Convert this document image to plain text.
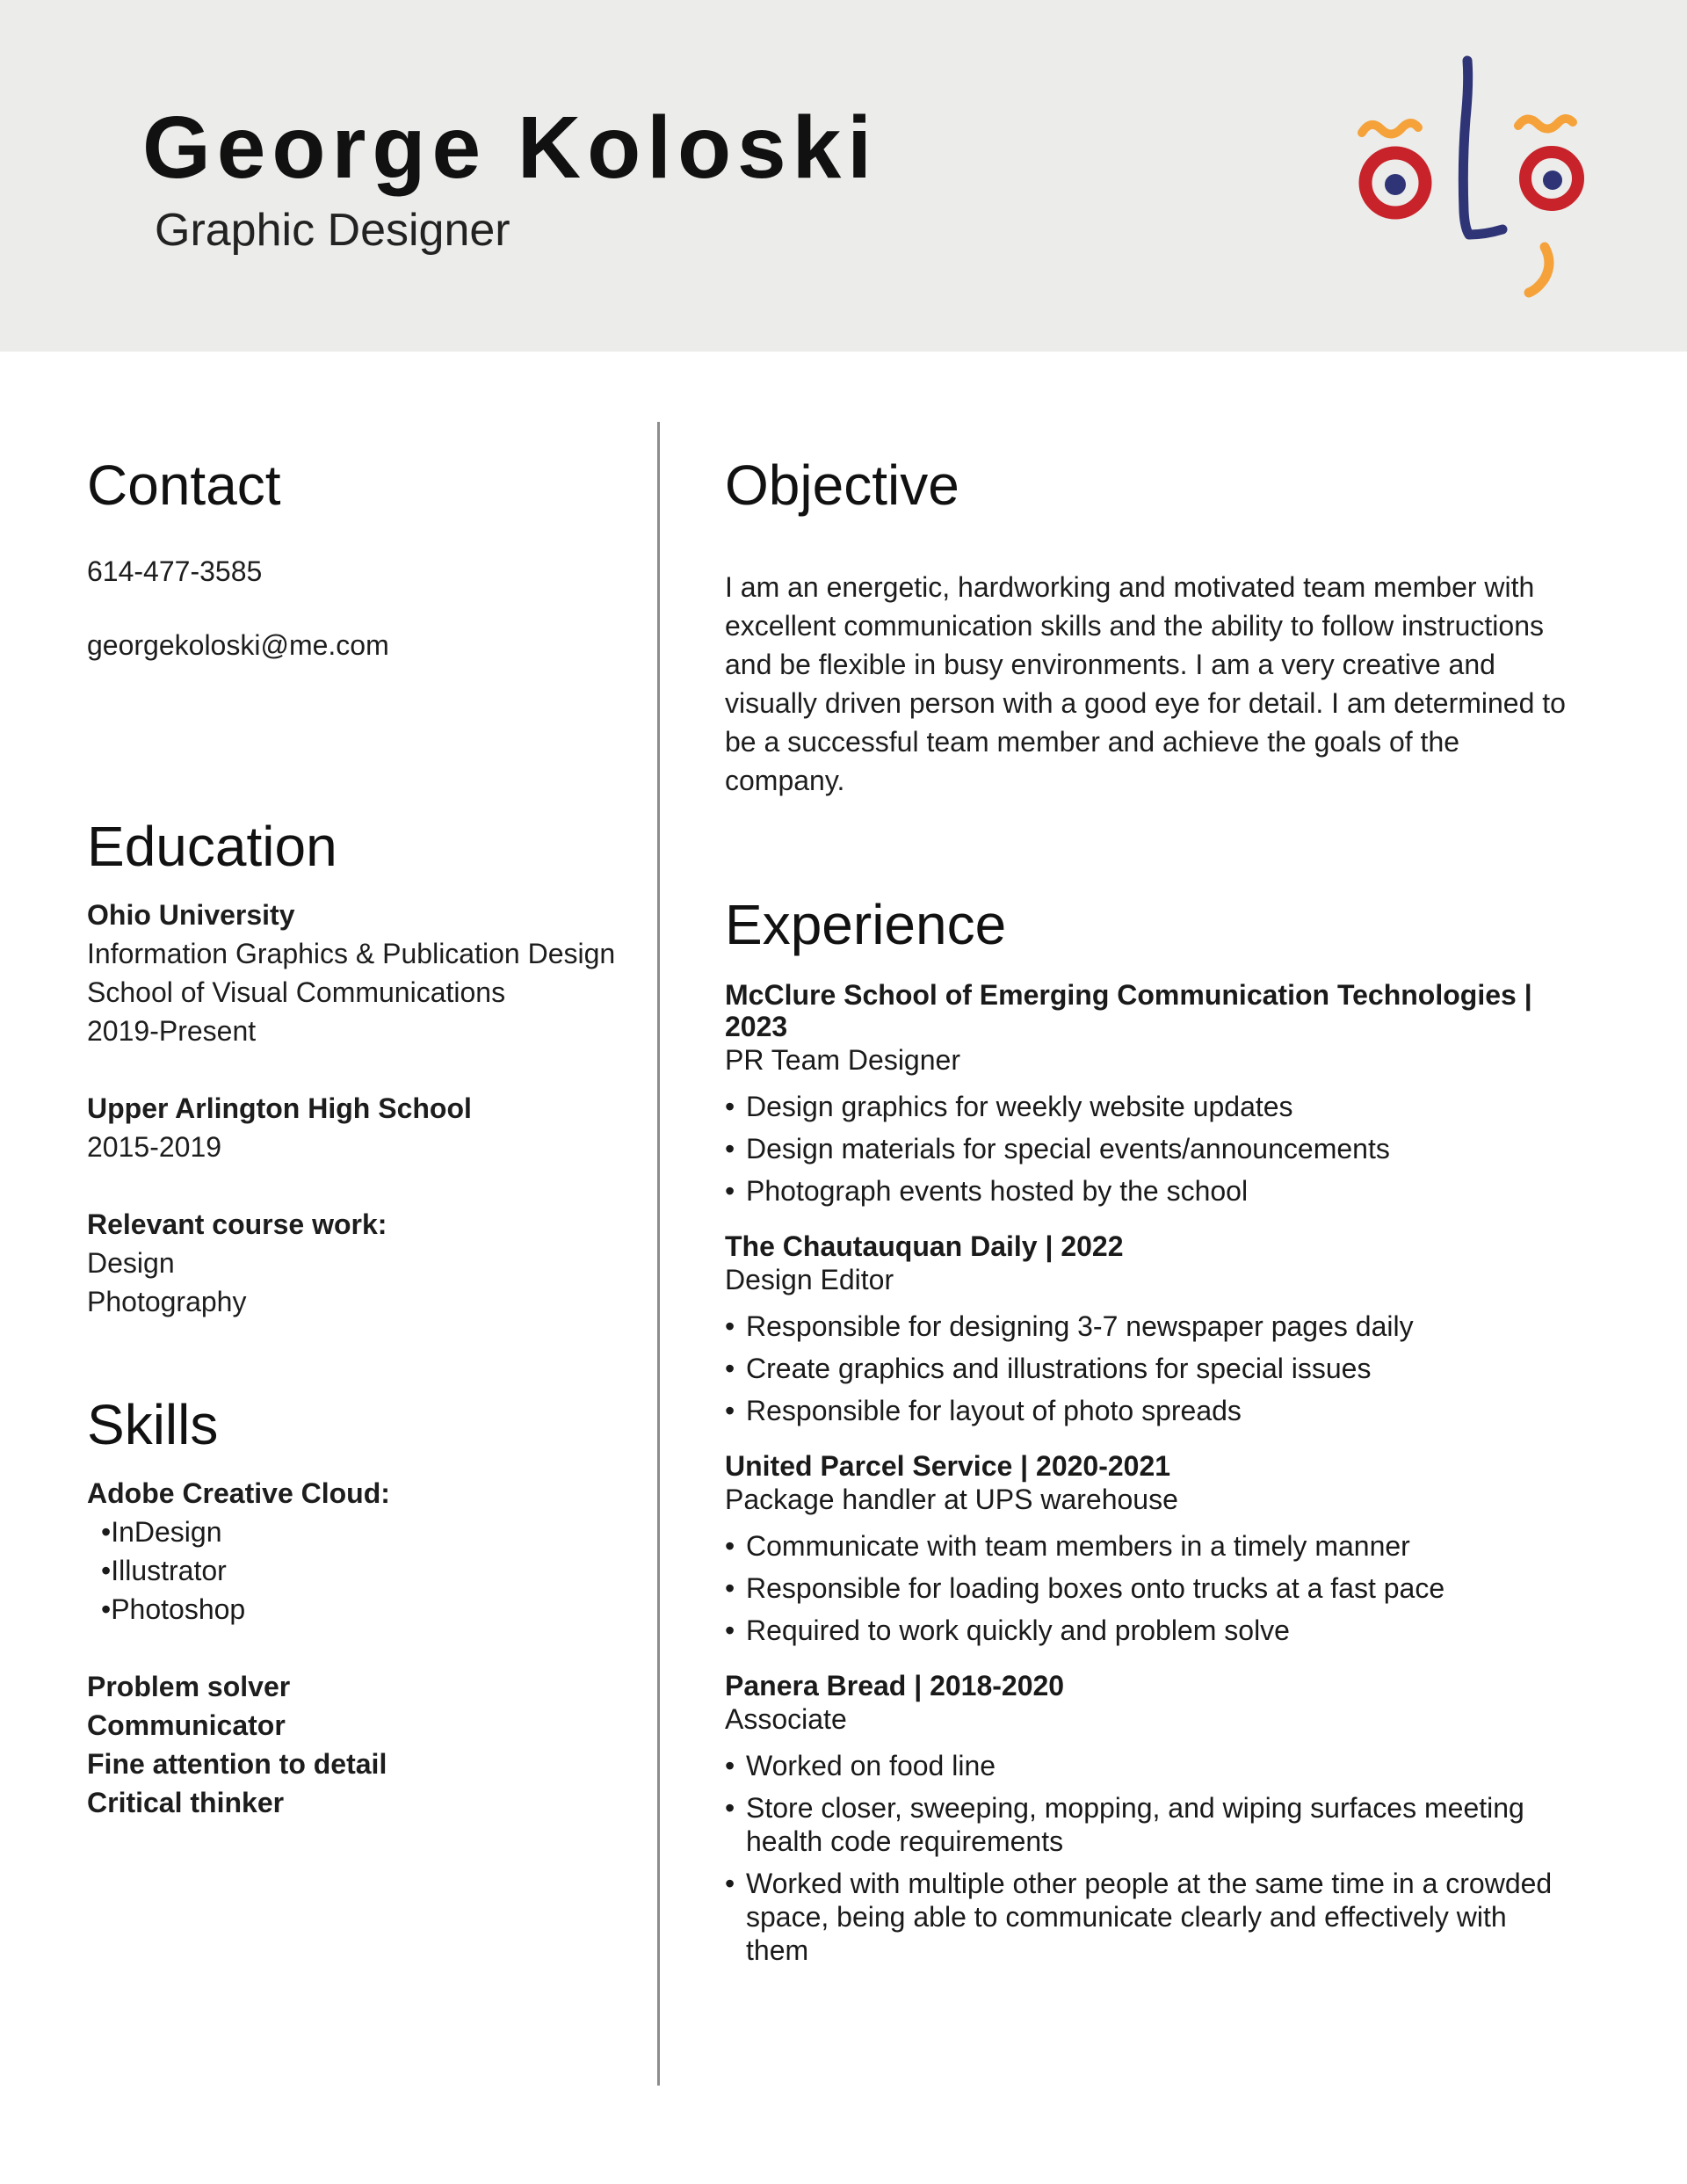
George Koloski
Graphic Designer
Contact
614-477-3585
georgekoloski@me.com
Education
Ohio University
Information Graphics & Publication Design
School of Visual Communications
2019-Present
Upper Arlington High School
2015-2019
Relevant course work:
Design
Photography
Skills
Adobe Creative Cloud:
•InDesign
•Illustrator
•Photoshop
Problem solver
Communicator
Fine attention to detail
Critical thinker
Objective
I am an energetic, hardworking and motivated team member with excellent communication skills and the ability to follow instructions and be flexible in busy environments. I am a very creative and visually driven person with a good eye for detail. I am determined to be a successful team member and achieve the goals of the company.
Experience
McClure School of Emerging Communication Technologies | 2023
PR Team Designer
• Design graphics for weekly website updates
• Design materials for special events/announcements
• Photograph events hosted by the school
The Chautauquan Daily | 2022
Design Editor
• Responsible for designing 3-7 newspaper pages daily
• Create graphics and illustrations for special issues
• Responsible for layout of photo spreads
United Parcel Service | 2020-2021
Package handler at UPS warehouse
• Communicate with team members in a timely manner
• Responsible for loading boxes onto trucks at a fast pace
• Required to work quickly and problem solve
Panera Bread | 2018-2020
Associate
• Worked on food line
• Store closer, sweeping, mopping, and wiping surfaces meeting health code requirements
• Worked with multiple other people at the same time in a crowded space, being able to communicate clearly and effectively with them
